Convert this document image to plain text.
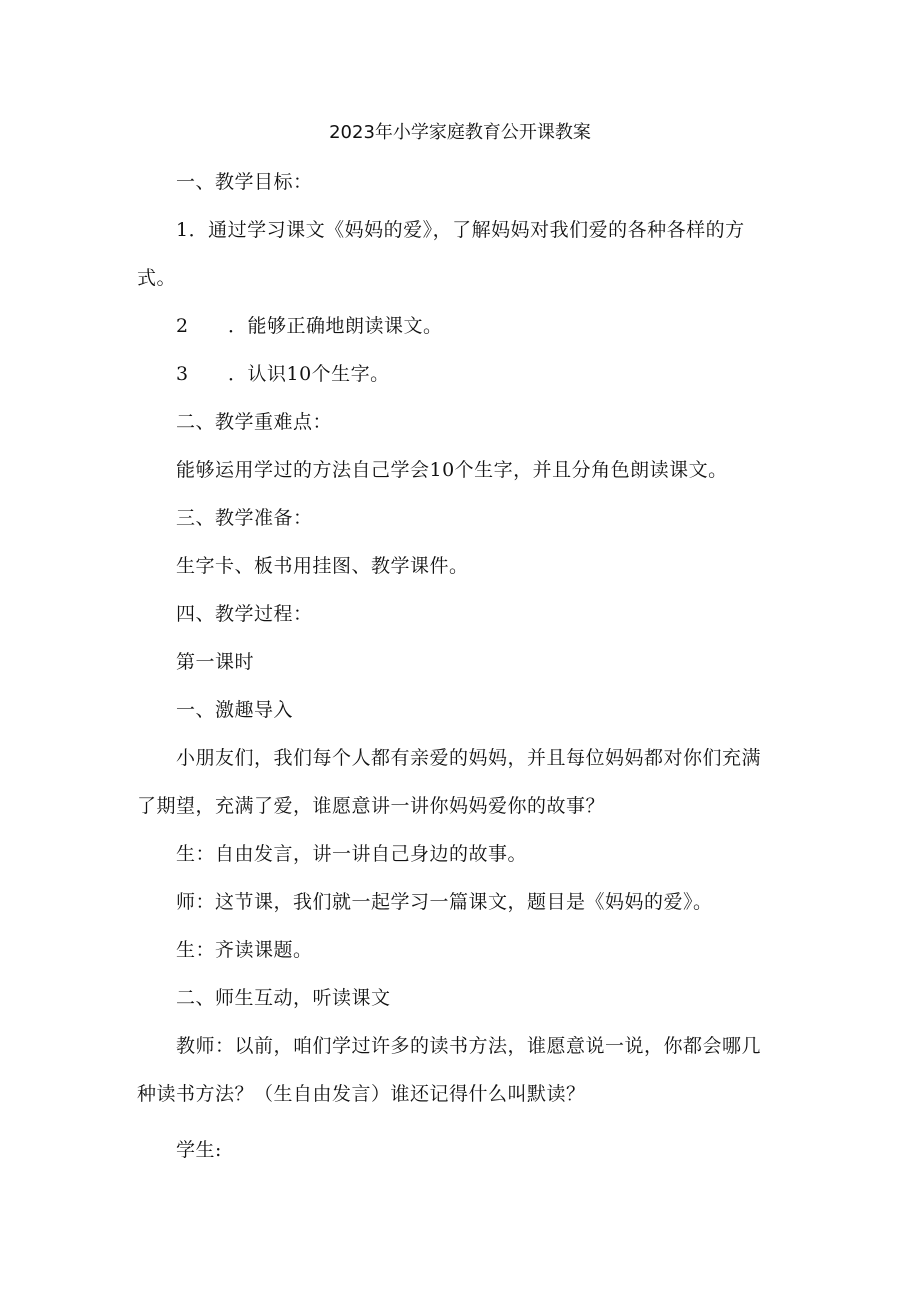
2023年小学家庭教育公开课教案
一、教学目标：
1．通过学习课文《妈妈的爱》，了解妈妈对我们爱的各种各样的方
式。
2 ．能够正确地朗读课文。
3 ．认识10个生字。
二、教学重难点：
能够运用学过的方法自己学会10个生字，并且分角色朗读课文。
三、教学准备：
生字卡、板书用挂图、教学课件。
四、教学过程：
第一课时
一、激趣导入
小朋友们，我们每个人都有亲爱的妈妈，并且每位妈妈都对你们充满
了期望，充满了爱，谁愿意讲一讲你妈妈爱你的故事？
生：自由发言，讲一讲自己身边的故事。
师：这节课，我们就一起学习一篇课文，题目是《妈妈的爱》。
生：齐读课题。
二、师生互动，听读课文
教师：以前，咱们学过许多的读书方法，谁愿意说一说，你都会哪几
种读书方法？（生自由发言）谁还记得什么叫默读？
学生:
